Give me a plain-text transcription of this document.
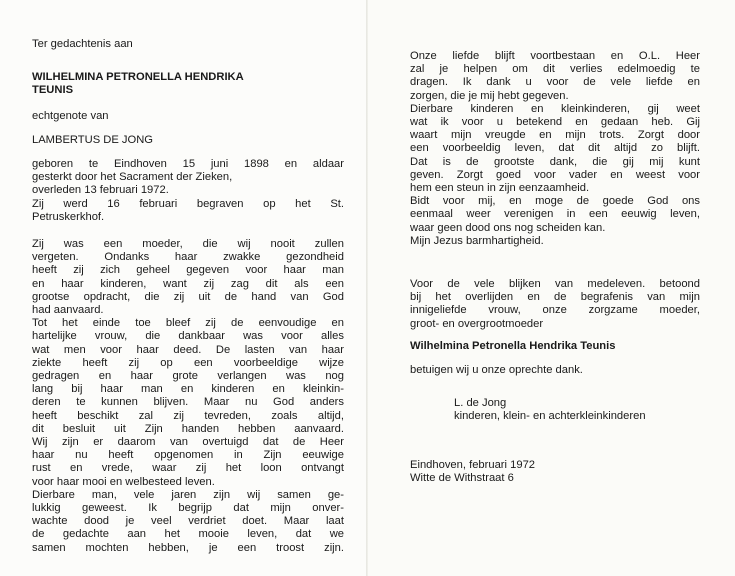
Ter gedachtenis aan
WILHELMINA PETRONELLA HENDRIKA
TEUNIS
echtgenote van
LAMBERTUS DE JONG
geboren te Eindhoven 15 juni 1898 en aldaar
gesterkt door het Sacrament der Zieken,
overleden 13 februari 1972.
Zij werd 16 februari begraven op het St.
Petruskerkhof.
Zij was een moeder, die wij nooit zullen
vergeten. Ondanks haar zwakke gezondheid
heeft zij zich geheel gegeven voor haar man
en haar kinderen, want zij zag dit als een
grootse opdracht, die zij uit de hand van God
had aanvaard.
Tot het einde toe bleef zij de eenvoudige en
hartelijke vrouw, die dankbaar was voor alles
wat men voor haar deed. De lasten van haar
ziekte heeft zij op een voorbeeldige wijze
gedragen en haar grote verlangen was nog
lang bij haar man en kinderen en kleinkin-
deren te kunnen blijven. Maar nu God anders
heeft beschikt zal zij tevreden, zoals altijd,
dit besluit uit Zijn handen hebben aanvaard.
Wij zijn er daarom van overtuigd dat de Heer
haar nu heeft opgenomen in Zijn eeuwige
rust en vrede, waar zij het loon ontvangt
voor haar mooi en welbesteed leven.
Dierbare man, vele jaren zijn wij samen ge-
lukkig geweest. Ik begrijp dat mijn onver-
wachte dood je veel verdriet doet. Maar laat
de gedachte aan het mooie leven, dat we
samen mochten hebben, je een troost zijn.
Onze liefde blijft voortbestaan en O.L. Heer
zal je helpen om dit verlies edelmoedig te
dragen. Ik dank u voor de vele liefde en
zorgen, die je mij hebt gegeven.
Dierbare kinderen en kleinkinderen, gij weet
wat ik voor u betekend en gedaan heb. Gij
waart mijn vreugde en mijn trots. Zorgt door
een voorbeeldig leven, dat dit altijd zo blijft.
Dat is de grootste dank, die gij mij kunt
geven. Zorgt goed voor vader en weest voor
hem een steun in zijn eenzaamheid.
Bidt voor mij, en moge de goede God ons
eenmaal weer verenigen in een eeuwig leven,
waar geen dood ons nog scheiden kan.
Mijn Jezus barmhartigheid.
Voor de vele blijken van medeleven. betoond
bij het overlijden en de begrafenis van mijn
innigeliefde vrouw, onze zorgzame moeder,
groot- en overgrootmoeder
Wilhelmina Petronella Hendrika Teunis
betuigen wij u onze oprechte dank.
L. de Jong
kinderen, klein- en achterkleinkinderen
Eindhoven, februari 1972
Witte de Withstraat 6
